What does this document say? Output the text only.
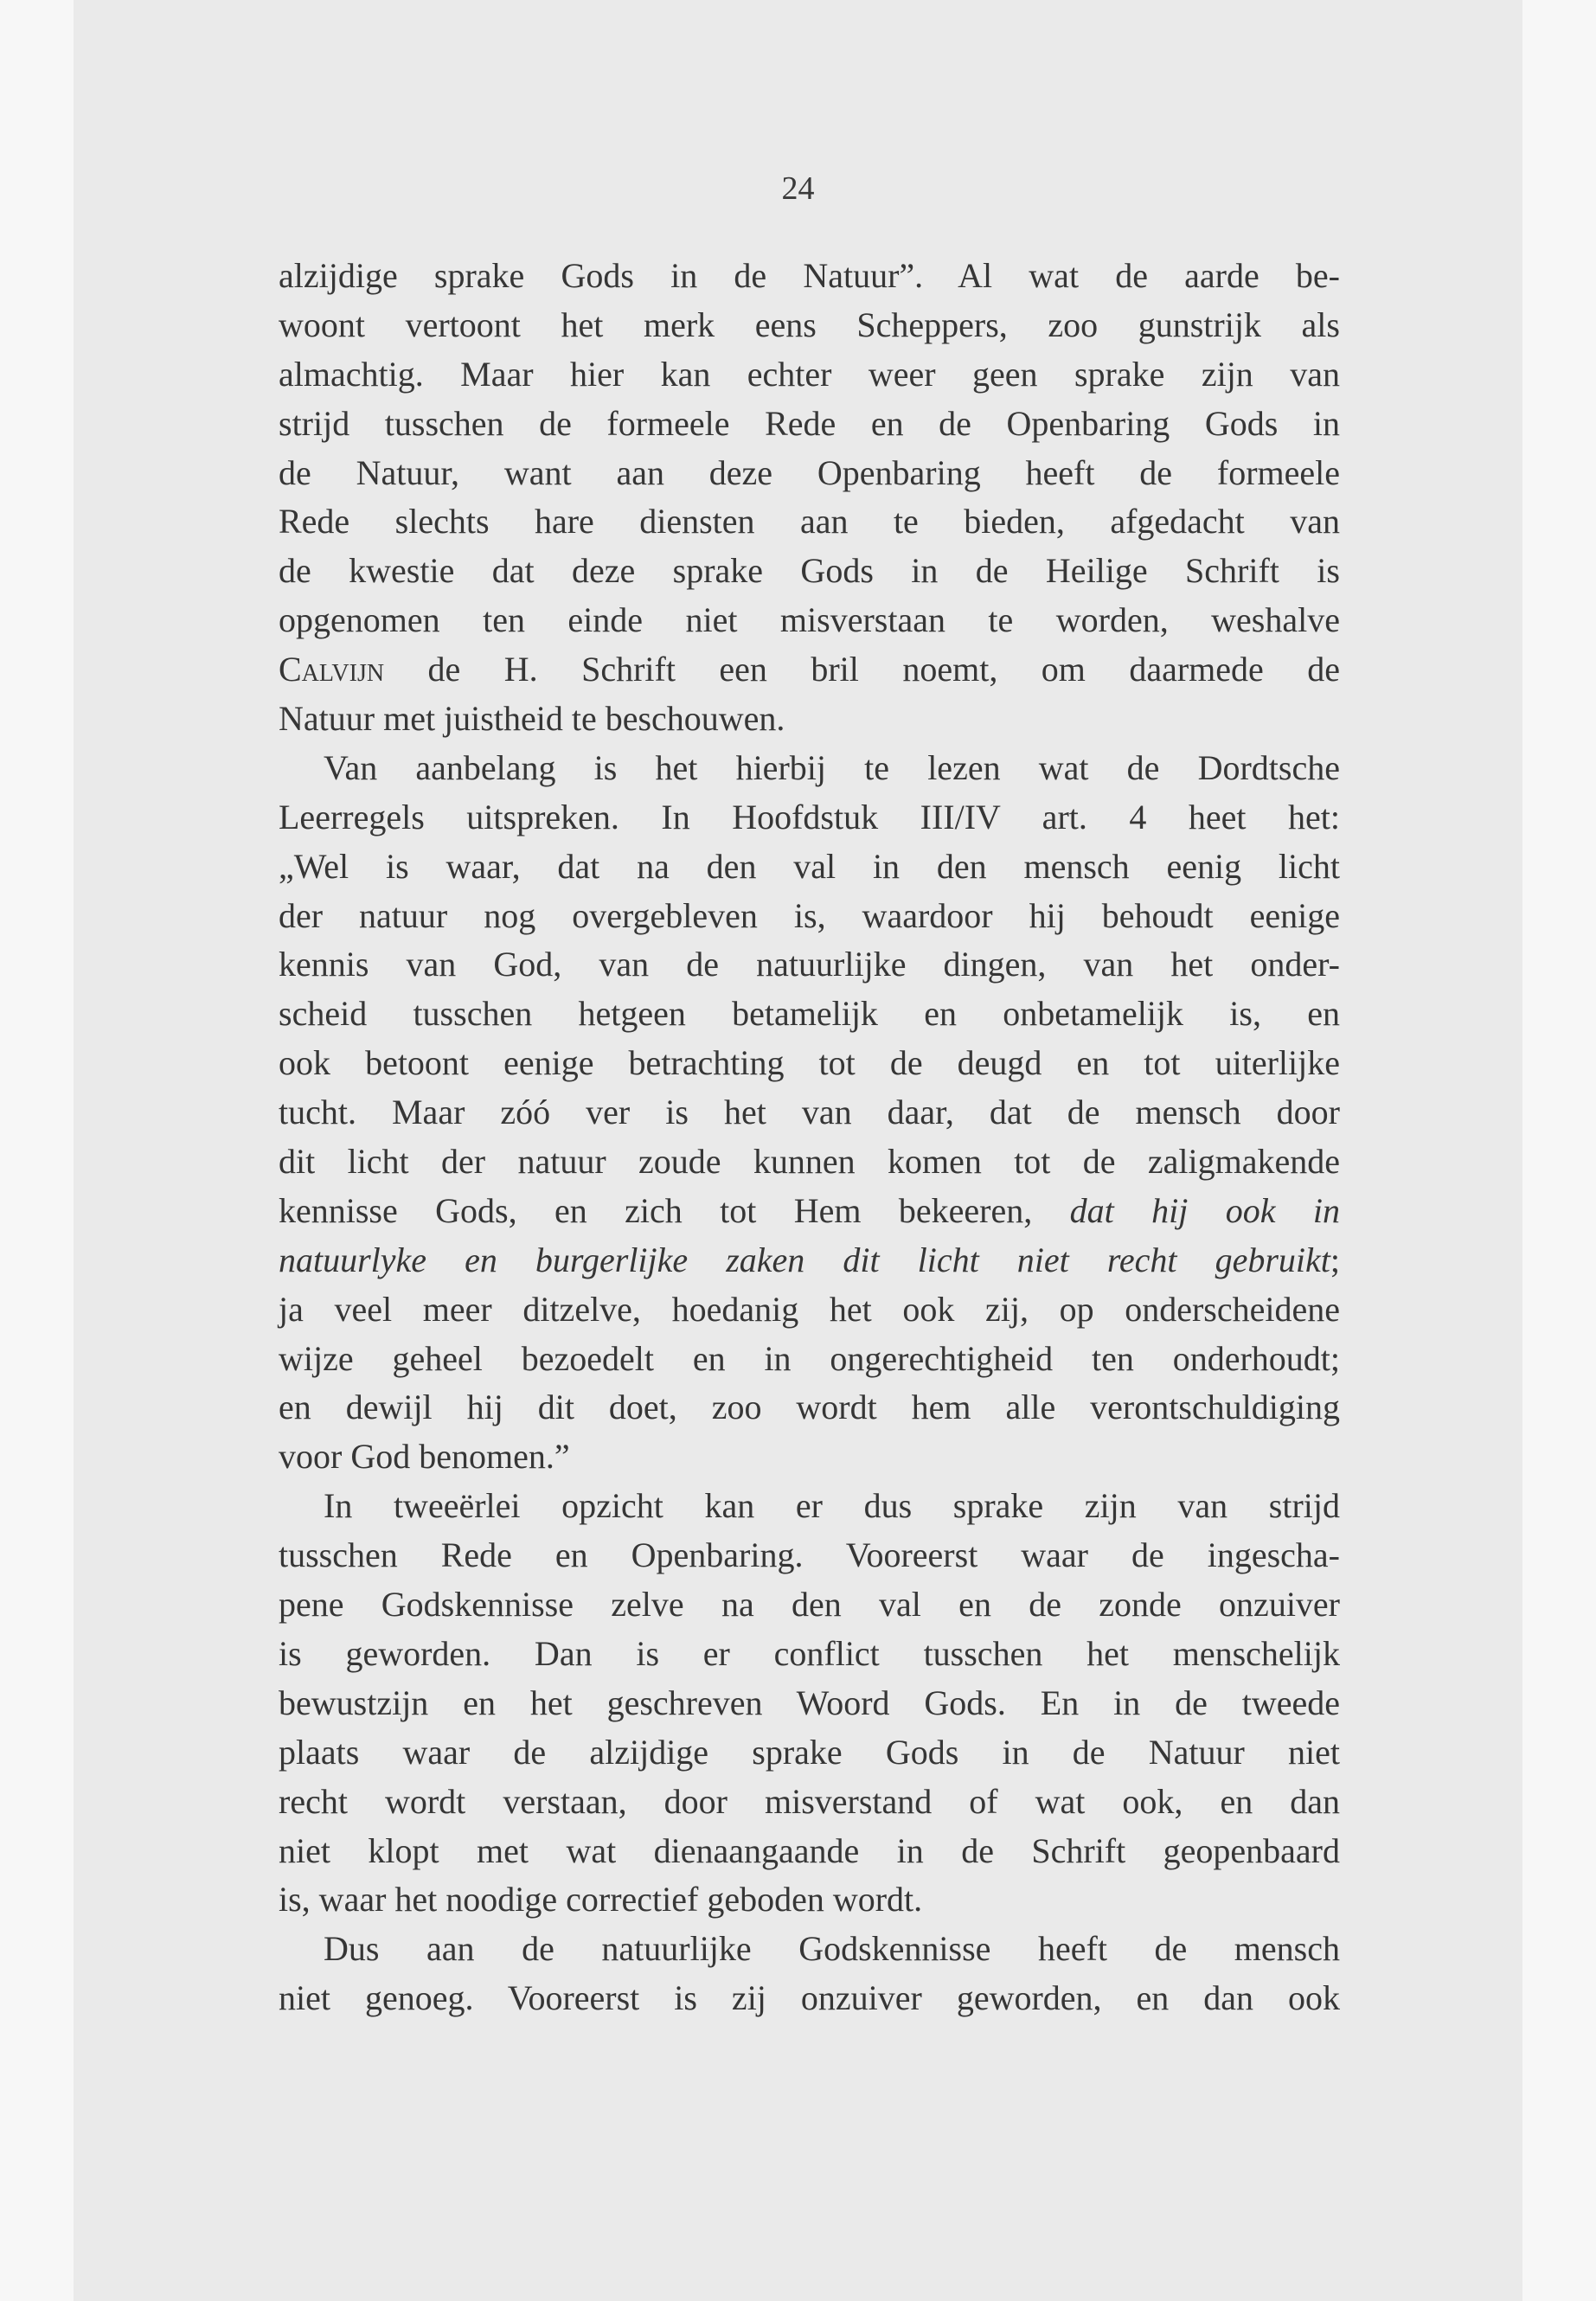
24
alzijdige sprake Gods in de Natuur”. Al wat de aarde be-
woont vertoont het merk eens Scheppers, zoo gunstrijk als
almachtig. Maar hier kan echter weer geen sprake zijn van
strijd tusschen de formeele Rede en de Openbaring Gods in
de Natuur, want aan deze Openbaring heeft de formeele
Rede slechts hare diensten aan te bieden, afgedacht van
de kwestie dat deze sprake Gods in de Heilige Schrift is
opgenomen ten einde niet misverstaan te worden, weshalve
Calvijn de H. Schrift een bril noemt, om daarmede de
Natuur met juistheid te beschouwen.
Van aanbelang is het hierbij te lezen wat de Dordtsche
Leerregels uitspreken. In Hoofdstuk III/IV art. 4 heet het:
„Wel is waar, dat na den val in den mensch eenig licht
der natuur nog overgebleven is, waardoor hij behoudt eenige
kennis van God, van de natuurlijke dingen, van het onder-
scheid tusschen hetgeen betamelijk en onbetamelijk is, en
ook betoont eenige betrachting tot de deugd en tot uiterlijke
tucht. Maar zóó ver is het van daar, dat de mensch door
dit licht der natuur zoude kunnen komen tot de zaligmakende
kennisse Gods, en zich tot Hem bekeeren, dat hij ook in
natuurlyke en burgerlijke zaken dit licht niet recht gebruikt;
ja veel meer ditzelve, hoedanig het ook zij, op onderscheidene
wijze geheel bezoedelt en in ongerechtigheid ten onderhoudt;
en dewijl hij dit doet, zoo wordt hem alle verontschuldiging
voor God benomen.”
In tweeërlei opzicht kan er dus sprake zijn van strijd
tusschen Rede en Openbaring. Vooreerst waar de ingescha-
pene Godskennisse zelve na den val en de zonde onzuiver
is geworden. Dan is er conflict tusschen het menschelijk
bewustzijn en het geschreven Woord Gods. En in de tweede
plaats waar de alzijdige sprake Gods in de Natuur niet
recht wordt verstaan, door misverstand of wat ook, en dan
niet klopt met wat dienaangaande in de Schrift geopenbaard
is, waar het noodige correctief geboden wordt.
Dus aan de natuurlijke Godskennisse heeft de mensch
niet genoeg. Vooreerst is zij onzuiver geworden, en dan ook
